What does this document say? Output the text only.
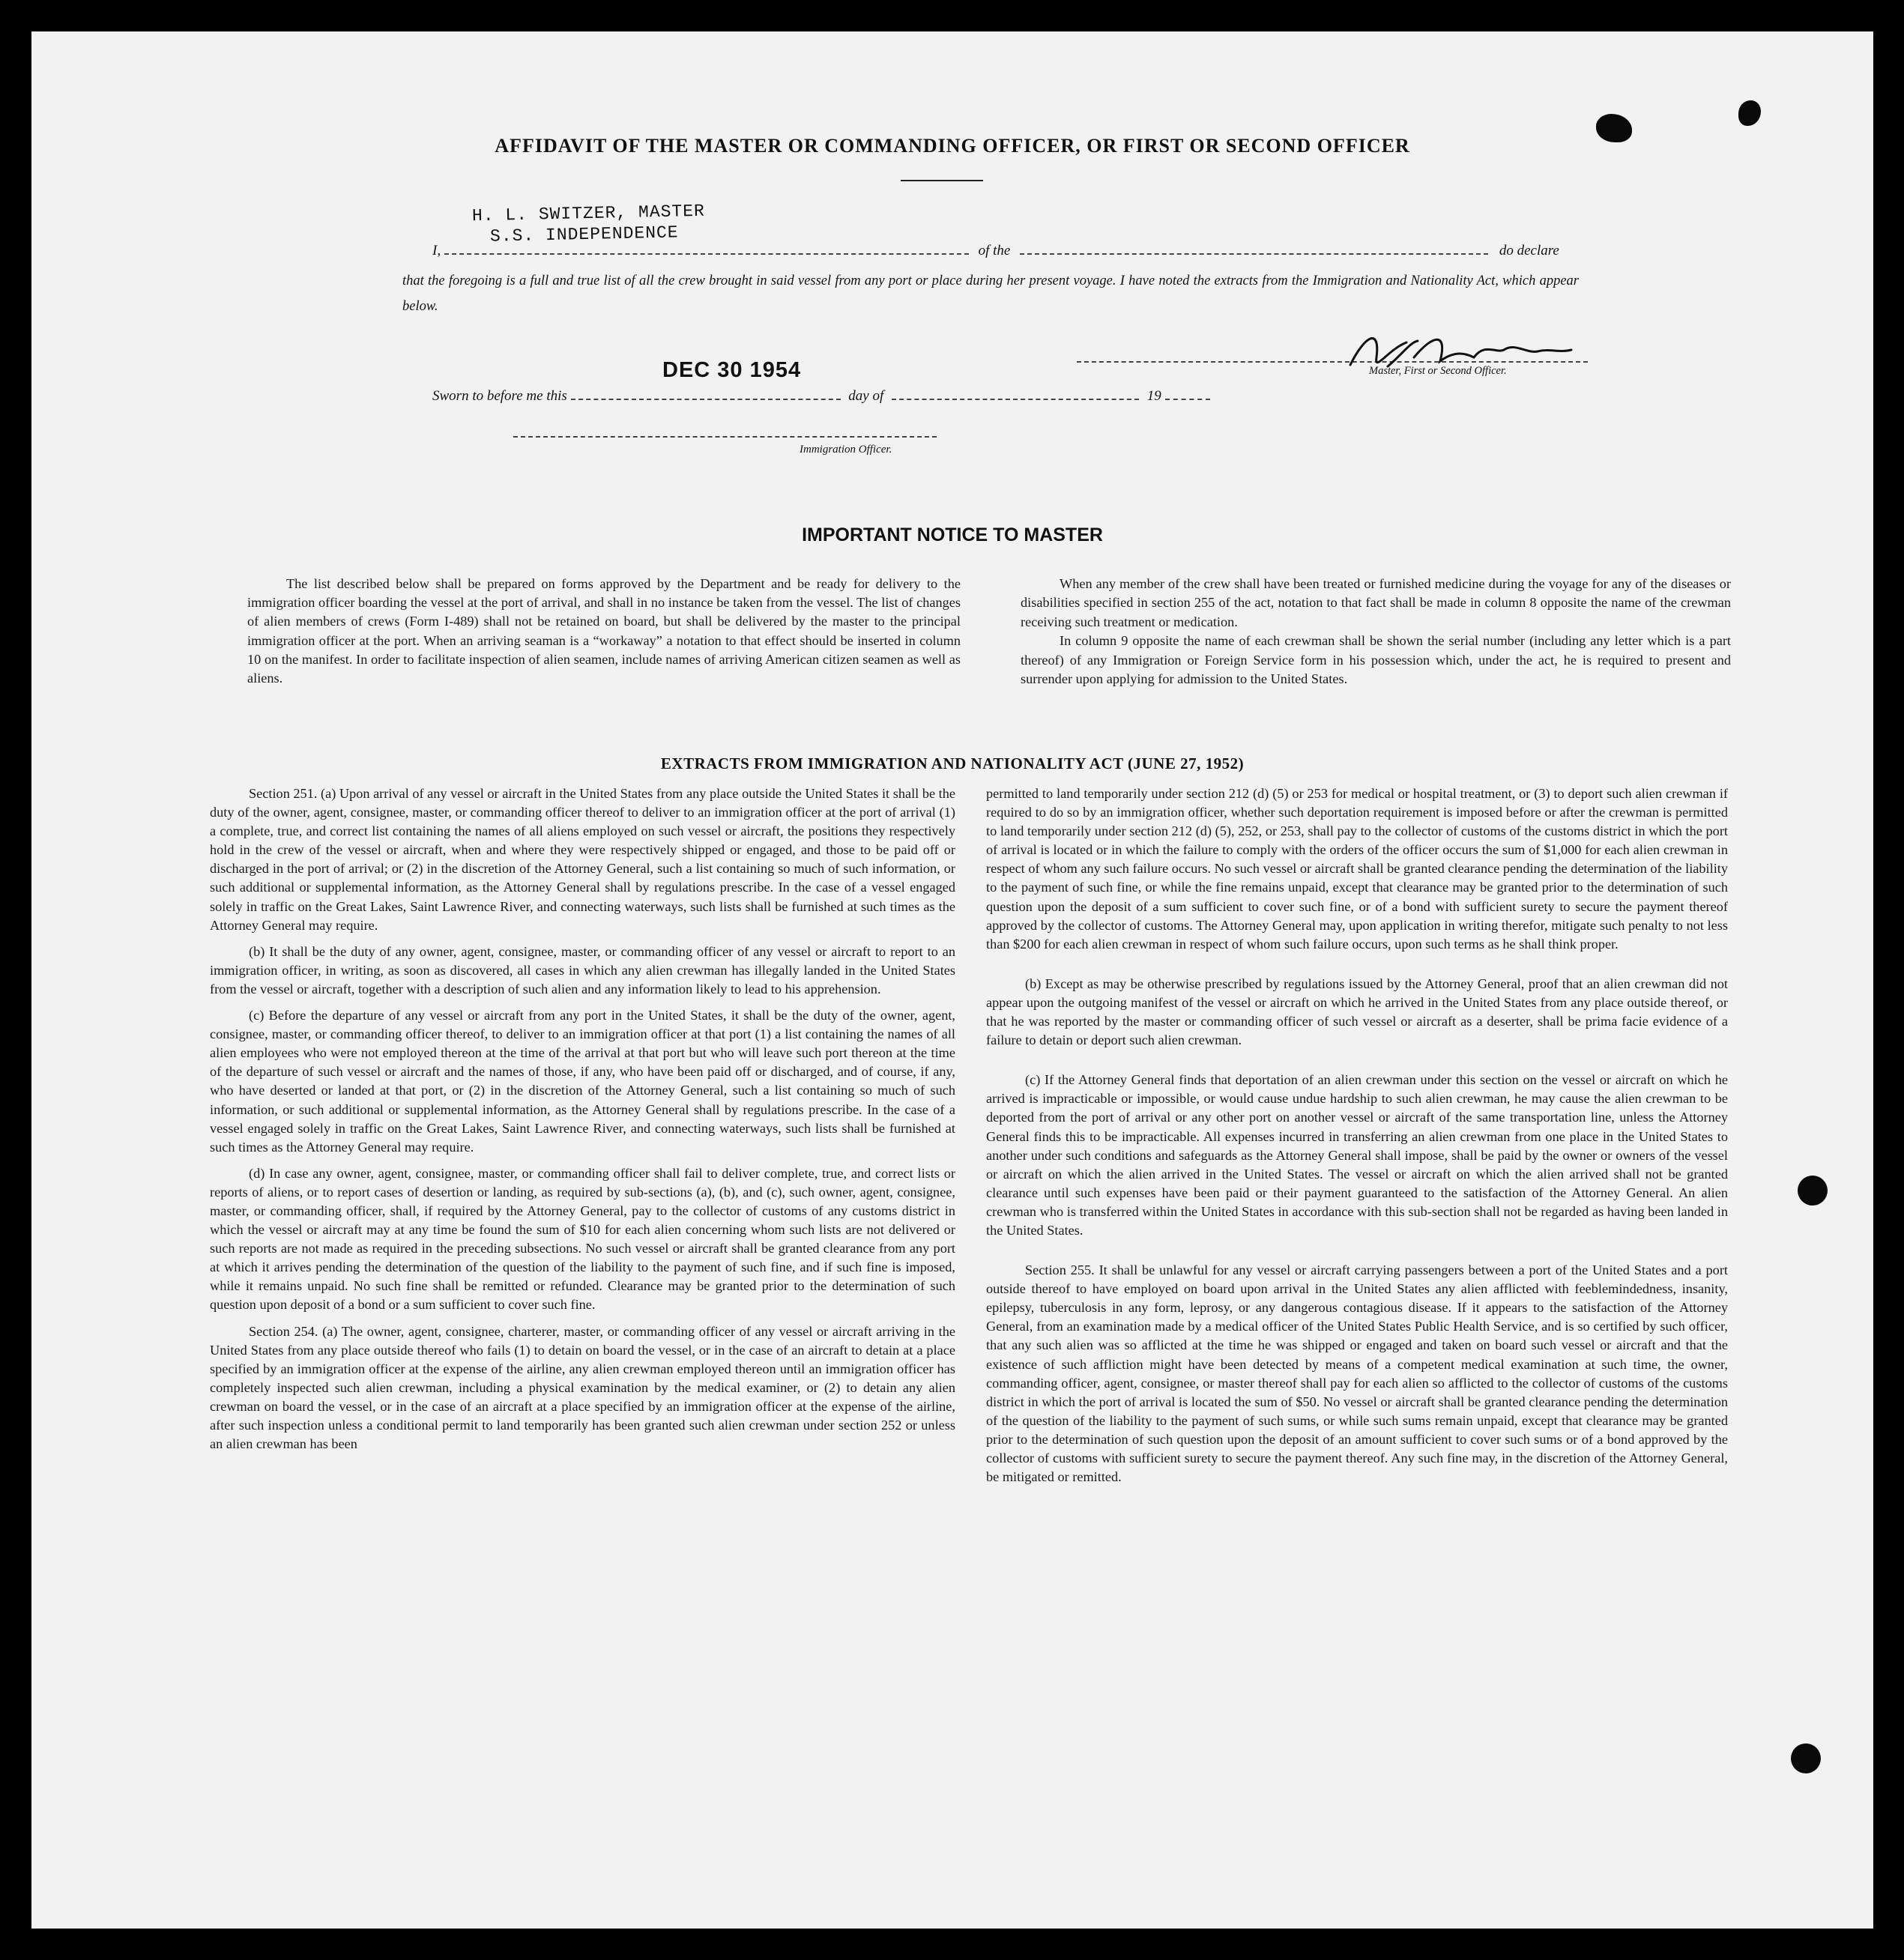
AFFIDAVIT OF THE MASTER OR COMMANDING OFFICER, OR FIRST OR SECOND OFFICER
H. L. SWITZER, MASTER
S.S. INDEPENDENCE
I,	of the	do declare
that the foregoing is a full and true list of all the crew brought in said vessel from any port or place during her present voyage. I have noted the extracts from the Immigration and Nationality Act, which appear below.
DEC 30 1954	Master, First or Second Officer.
Sworn to before me this	day of	19
Immigration Officer.
IMPORTANT NOTICE TO MASTER

The list described below shall be prepared on forms approved by the Department and be ready for delivery to the immigration officer boarding the vessel at the port of arrival, and shall in no instance be taken from the vessel. The list of changes of alien members of crews (Form I-489) shall not be retained on board, but shall be delivered by the master to the principal immigration officer at the port. When an arriving seaman is a “workaway” a notation to that effect should be inserted in column 10 on the manifest. In order to facilitate inspection of alien seamen, include names of arriving American citizen seamen as well as aliens.

When any member of the crew shall have been treated or furnished medicine during the voyage for any of the diseases or disabilities specified in section 255 of the act, notation to that fact shall be made in column 8 opposite the name of the crewman receiving such treatment or medication.

In column 9 opposite the name of each crewman shall be shown the serial number (including any letter which is a part thereof) of any Immigration or Foreign Service form in his possession which, under the act, he is required to present and surrender upon applying for admission to the United States.

EXTRACTS FROM IMMIGRATION AND NATIONALITY ACT (JUNE 27, 1952)

Section 251. (a) Upon arrival of any vessel or aircraft in the United States from any place outside the United States it shall be the duty of the owner, agent, consignee, master, or commanding officer thereof to deliver to an immigration officer at the port of arrival (1) a complete, true, and correct list containing the names of all aliens employed on such vessel or aircraft, the positions they respectively hold in the crew of the vessel or aircraft, when and where they were respectively shipped or engaged, and those to be paid off or discharged in the port of arrival; or (2) in the discretion of the Attorney General, such a list containing so much of such information, or such additional or supplemental information, as the Attorney General shall by regulations prescribe. In the case of a vessel engaged solely in traffic on the Great Lakes, Saint Lawrence River, and connecting waterways, such lists shall be furnished at such times as the Attorney General may require.

(b) It shall be the duty of any owner, agent, consignee, master, or commanding officer of any vessel or aircraft to report to an immigration officer, in writing, as soon as discovered, all cases in which any alien crewman has illegally landed in the United States from the vessel or aircraft, together with a description of such alien and any information likely to lead to his apprehension.

(c) Before the departure of any vessel or aircraft from any port in the United States, it shall be the duty of the owner, agent, consignee, master, or commanding officer thereof, to deliver to an immigration officer at that port (1) a list containing the names of all alien employees who were not employed thereon at the time of the arrival at that port but who will leave such port thereon at the time of the departure of such vessel or aircraft and the names of those, if any, who have been paid off or discharged, and of course, if any, who have deserted or landed at that port, or (2) in the discretion of the Attorney General, such a list containing so much of such information, or such additional or supplemental information, as the Attorney General shall by regulations prescribe. In the case of a vessel engaged solely in traffic on the Great Lakes, Saint Lawrence River, and connecting waterways, such lists shall be furnished at such times as the Attorney General may require.

(d) In case any owner, agent, consignee, master, or commanding officer shall fail to deliver complete, true, and correct lists or reports of aliens, or to report cases of desertion or landing, as required by sub-sections (a), (b), and (c), such owner, agent, consignee, master, or commanding officer, shall, if required by the Attorney General, pay to the collector of customs of any customs district in which the vessel or aircraft may at any time be found the sum of $10 for each alien concerning whom such lists are not delivered or such reports are not made as required in the preceding subsections. No such vessel or aircraft shall be granted clearance from any port at which it arrives pending the determination of the question of the liability to the payment of such fine, and if such fine is imposed, while it remains unpaid. No such fine shall be remitted or refunded. Clearance may be granted prior to the determination of such question upon deposit of a bond or a sum sufficient to cover such fine.

Section 254. (a) The owner, agent, consignee, charterer, master, or commanding officer of any vessel or aircraft arriving in the United States from any place outside thereof who fails (1) to detain on board the vessel, or in the case of an aircraft to detain at a place specified by an immigration officer at the expense of the airline, any alien crewman employed thereon until an immigration officer has completely inspected such alien crewman, including a physical examination by the medical examiner, or (2) to detain any alien crewman on board the vessel, or in the case of an aircraft at a place specified by an immigration officer at the expense of the airline, after such inspection unless a conditional permit to land temporarily has been granted such alien crewman under section 252 or unless an alien crewman has been

permitted to land temporarily under section 212 (d) (5) or 253 for medical or hospital treatment, or (3) to deport such alien crewman if required to do so by an immigration officer, whether such deportation requirement is imposed before or after the crewman is permitted to land temporarily under section 212 (d) (5), 252, or 253, shall pay to the collector of customs of the customs district in which the port of arrival is located or in which the failure to comply with the orders of the officer occurs the sum of $1,000 for each alien crewman in respect of whom any such failure occurs. No such vessel or aircraft shall be granted clearance pending the determination of the liability to the payment of such fine, or while the fine remains unpaid, except that clearance may be granted prior to the determination of such question upon the deposit of a sum sufficient to cover such fine, or of a bond with sufficient surety to secure the payment thereof approved by the collector of customs. The Attorney General may, upon application in writing therefor, mitigate such penalty to not less than $200 for each alien crewman in respect of whom such failure occurs, upon such terms as he shall think proper.

(b) Except as may be otherwise prescribed by regulations issued by the Attorney General, proof that an alien crewman did not appear upon the outgoing manifest of the vessel or aircraft on which he arrived in the United States from any place outside thereof, or that he was reported by the master or commanding officer of such vessel or aircraft as a deserter, shall be prima facie evidence of a failure to detain or deport such alien crewman.

(c) If the Attorney General finds that deportation of an alien crewman under this section on the vessel or aircraft on which he arrived is impracticable or impossible, or would cause undue hardship to such alien crewman, he may cause the alien crewman to be deported from the port of arrival or any other port on another vessel or aircraft of the same transportation line, unless the Attorney General finds this to be impracticable. All expenses incurred in transferring an alien crewman from one place in the United States to another under such conditions and safeguards as the Attorney General shall impose, shall be paid by the owner or owners of the vessel or aircraft on which the alien arrived in the United States. The vessel or aircraft on which the alien arrived shall not be granted clearance until such expenses have been paid or their payment guaranteed to the satisfaction of the Attorney General. An alien crewman who is transferred within the United States in accordance with this sub-section shall not be regarded as having been landed in the United States.

Section 255. It shall be unlawful for any vessel or aircraft carrying passengers between a port of the United States and a port outside thereof to have employed on board upon arrival in the United States any alien afflicted with feeblemindedness, insanity, epilepsy, tuberculosis in any form, leprosy, or any dangerous contagious disease. If it appears to the satisfaction of the Attorney General, from an examination made by a medical officer of the United States Public Health Service, and is so certified by such officer, that any such alien was so afflicted at the time he was shipped or engaged and taken on board such vessel or aircraft and that the existence of such affliction might have been detected by means of a competent medical examination at such time, the owner, commanding officer, agent, consignee, or master thereof shall pay for each alien so afflicted to the collector of customs of the customs district in which the port of arrival is located the sum of $50. No vessel or aircraft shall be granted clearance pending the determination of the question of the liability to the payment of such sums, or while such sums remain unpaid, except that clearance may be granted prior to the determination of such question upon the deposit of an amount sufficient to cover such sums or of a bond approved by the collector of customs with sufficient surety to secure the payment thereof. Any such fine may, in the discretion of the Attorney General, be mitigated or remitted.
